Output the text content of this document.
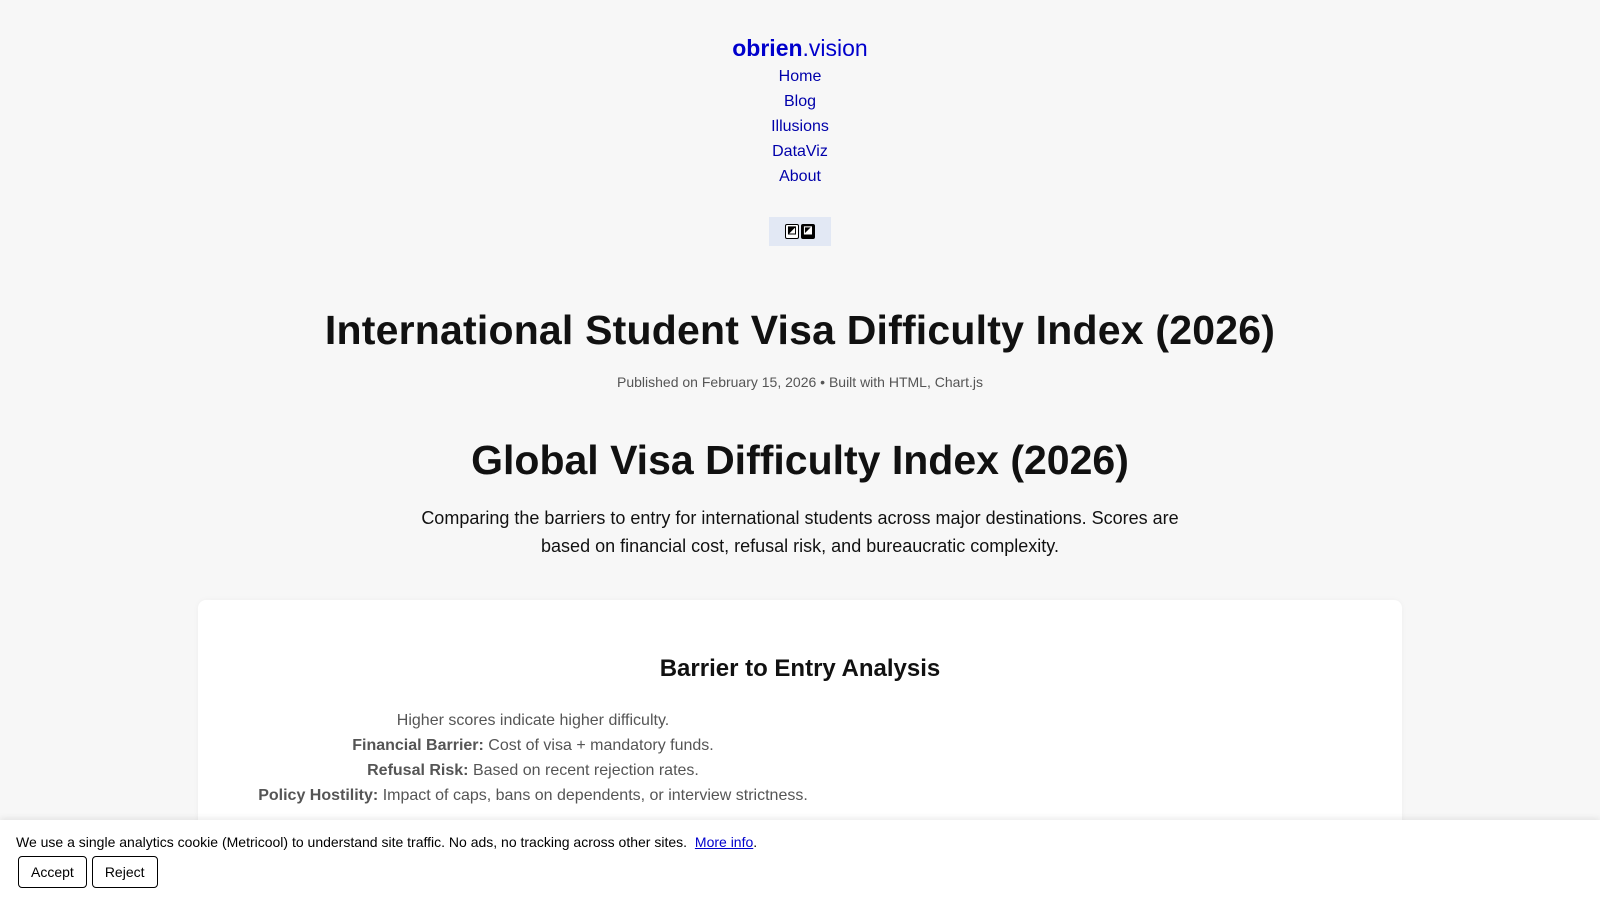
obrien.vision
Home
Blog
Illusions
DataViz
About
◩ ◪
International Student Visa Difficulty Index (2026)

Published on February 15, 2026 • Built with HTML, Chart.js

Global Visa Difficulty Index (2026)

Comparing the barriers to entry for international students across major destinations. Scores are based on financial cost, refusal risk, and bureaucratic complexity.

Barrier to Entry Analysis
Higher scores indicate higher difficulty.
Financial Barrier: Cost of visa + mandatory funds.
Refusal Risk: Based on recent rejection rates.
Policy Hostility: Impact of caps, bans on dependents, or interview strictness.

We use a single analytics cookie (Metricool) to understand site traffic. No ads, no tracking across other sites. More info.

Accept	Reject
